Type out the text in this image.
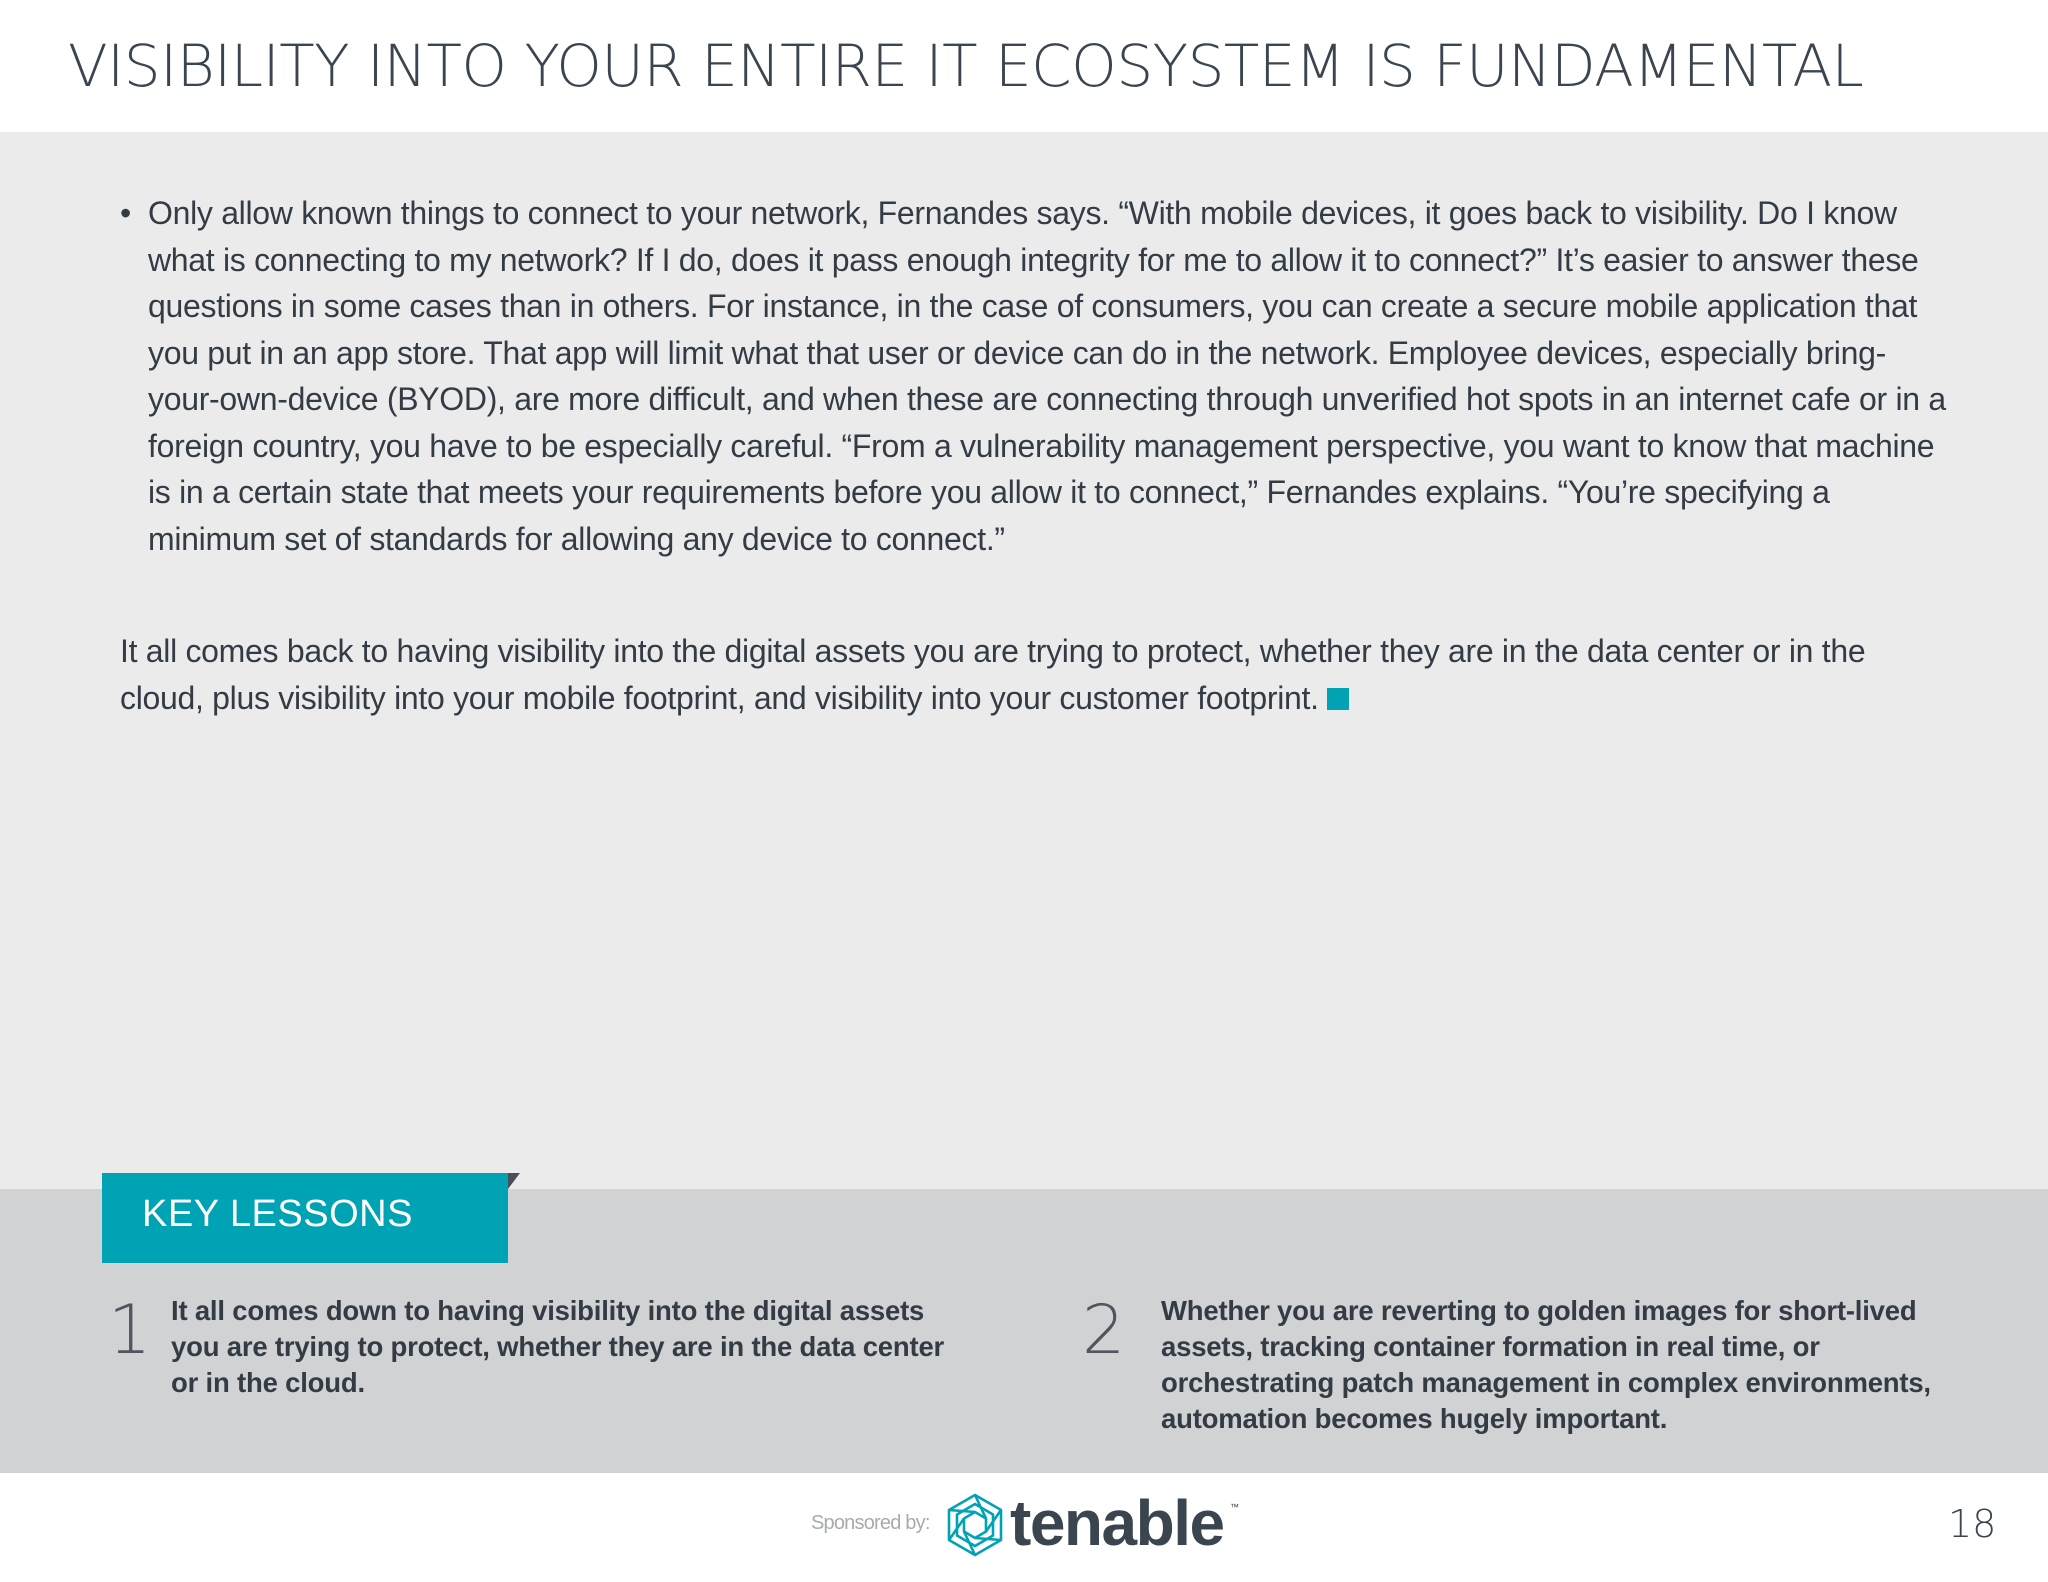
VISIBILITY INTO YOUR ENTIRE IT ECOSYSTEM IS FUNDAMENTAL
• Only allow known things to connect to your network, Fernandes says. “With mobile devices, it goes back to visibility. Do I know what is connecting to my network? If I do, does it pass enough integrity for me to allow it to connect?” It’s easier to answer these questions in some cases than in others. For instance, in the case of consumers, you can create a secure mobile application that you put in an app store. That app will limit what that user or device can do in the network. Employee devices, especially bring-your-own-device (BYOD), are more difficult, and when these are connecting through unverified hot spots in an internet cafe or in a foreign country, you have to be especially careful. “From a vulnerability management perspective, you want to know that machine is in a certain state that meets your requirements before you allow it to connect,” Fernandes explains. “You’re specifying a minimum set of standards for allowing any device to connect.”
It all comes back to having visibility into the digital assets you are trying to protect, whether they are in the data center or in the cloud, plus visibility into your mobile footprint, and visibility into your customer footprint.
KEY LESSONS
1 It all comes down to having visibility into the digital assets you are trying to protect, whether they are in the data center or in the cloud.
2 Whether you are reverting to golden images for short-lived assets, tracking container formation in real time, or orchestrating patch management in complex environments, automation becomes hugely important.
Sponsored by: tenable ™	18
